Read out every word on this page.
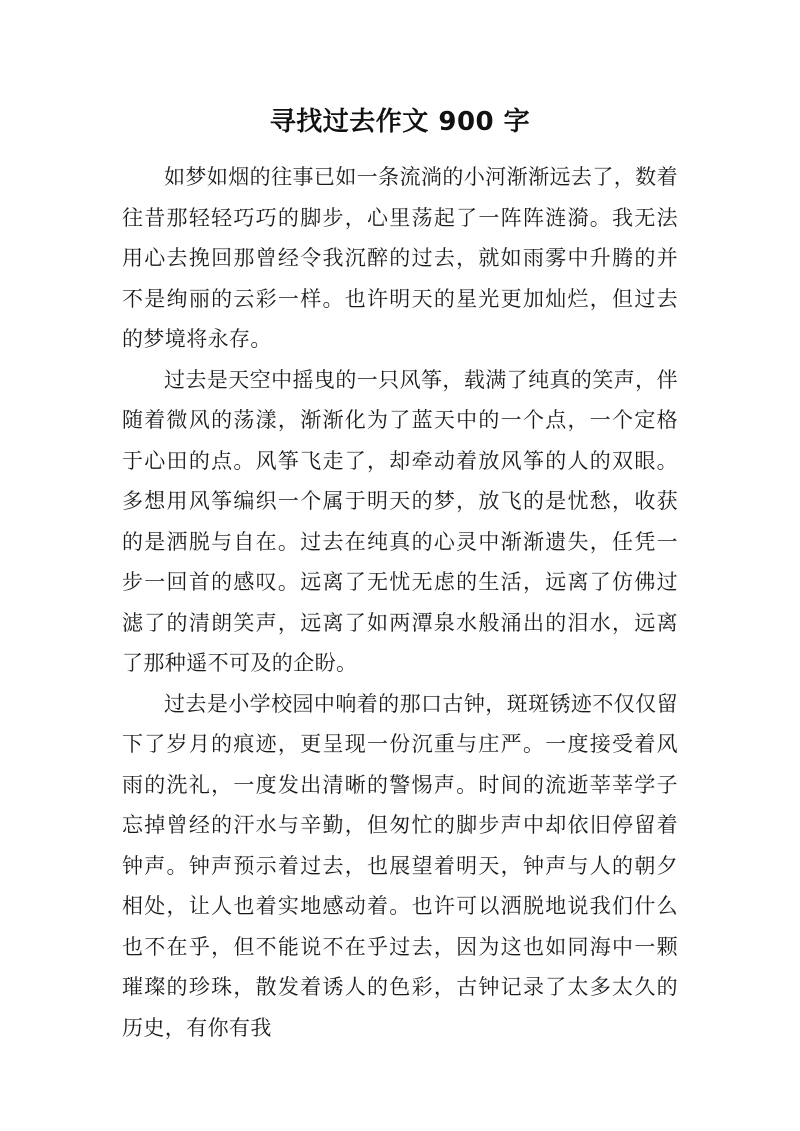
寻找过去作文 900 字

如梦如烟的往事已如一条流淌的小河渐渐远去了，数着往昔那轻轻巧巧的脚步，心里荡起了一阵阵涟漪。我无法用心去挽回那曾经令我沉醉的过去，就如雨雾中升腾的并不是绚丽的云彩一样。也许明天的星光更加灿烂，但过去的梦境将永存。

过去是天空中摇曳的一只风筝，载满了纯真的笑声，伴随着微风的荡漾，渐渐化为了蓝天中的一个点，一个定格于心田的点。风筝飞走了，却牵动着放风筝的人的双眼。多想用风筝编织一个属于明天的梦，放飞的是忧愁，收获的是洒脱与自在。过去在纯真的心灵中渐渐遗失，任凭一步一回首的感叹。远离了无忧无虑的生活，远离了仿佛过滤了的清朗笑声，远离了如两潭泉水般涌出的泪水，远离了那种遥不可及的企盼。

过去是小学校园中响着的那口古钟，斑斑锈迹不仅仅留下了岁月的痕迹，更呈现一份沉重与庄严。一度接受着风雨的洗礼，一度发出清晰的警惕声。时间的流逝莘莘学子忘掉曾经的汗水与辛勤，但匆忙的脚步声中却依旧停留着钟声。钟声预示着过去，也展望着明天，钟声与人的朝夕相处，让人也着实地感动着。也许可以洒脱地说我们什么也不在乎，但不能说不在乎过去，因为这也如同海中一颗璀璨的珍珠，散发着诱人的色彩，古钟记录了太多太久的历史，有你有我
